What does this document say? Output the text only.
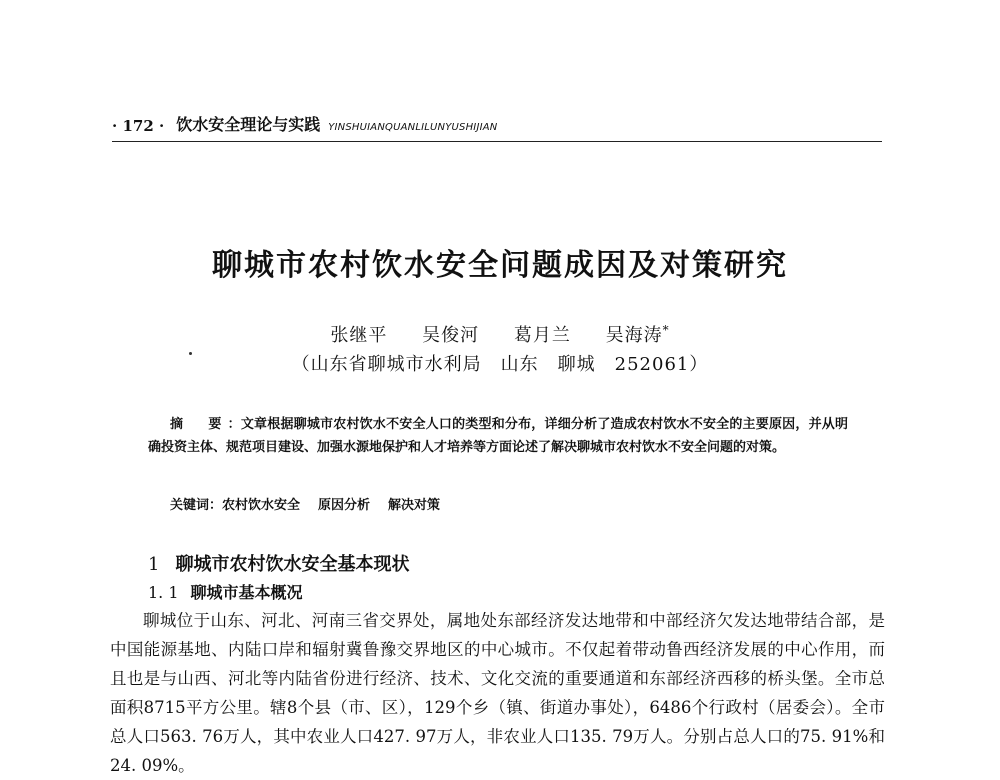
· 172 · 饮水安全理论与实践 YINSHUIANQUANLILUNYUSHIJIAN
聊城市农村饮水安全问题成因及对策研究
张继平 吴俊河 葛月兰 吴海涛*
（山东省聊城市水利局　山东　聊城　252061）
摘　要：文章根据聊城市农村饮水不安全人口的类型和分布，详细分析了造成农村饮水不安全的主要原因，并从明确投资主体、规范项目建设、加强水源地保护和人才培养等方面论述了解决聊城市农村饮水不安全问题的对策。
关键词：农村饮水安全 原因分析 解决对策
1 聊城市农村饮水安全基本现状
1. 1 聊城市基本概况

聊城位于山东、河北、河南三省交界处，属地处东部经济发达地带和中部经济欠发达地带结合部，是中国能源基地、内陆口岸和辐射冀鲁豫交界地区的中心城市。不仅起着带动鲁西经济发展的中心作用，而且也是与山西、河北等内陆省份进行经济、技术、文化交流的重要通道和东部经济西移的桥头堡。全市总面积8715平方公里。辖8个县（市、区），129个乡（镇、街道办事处），6486个行政村（居委会）。全市总人口563. 76万人，其中农业人口427. 97万人，非农业人口135. 79万人。分别占总人口的75. 91%和24. 09%。
